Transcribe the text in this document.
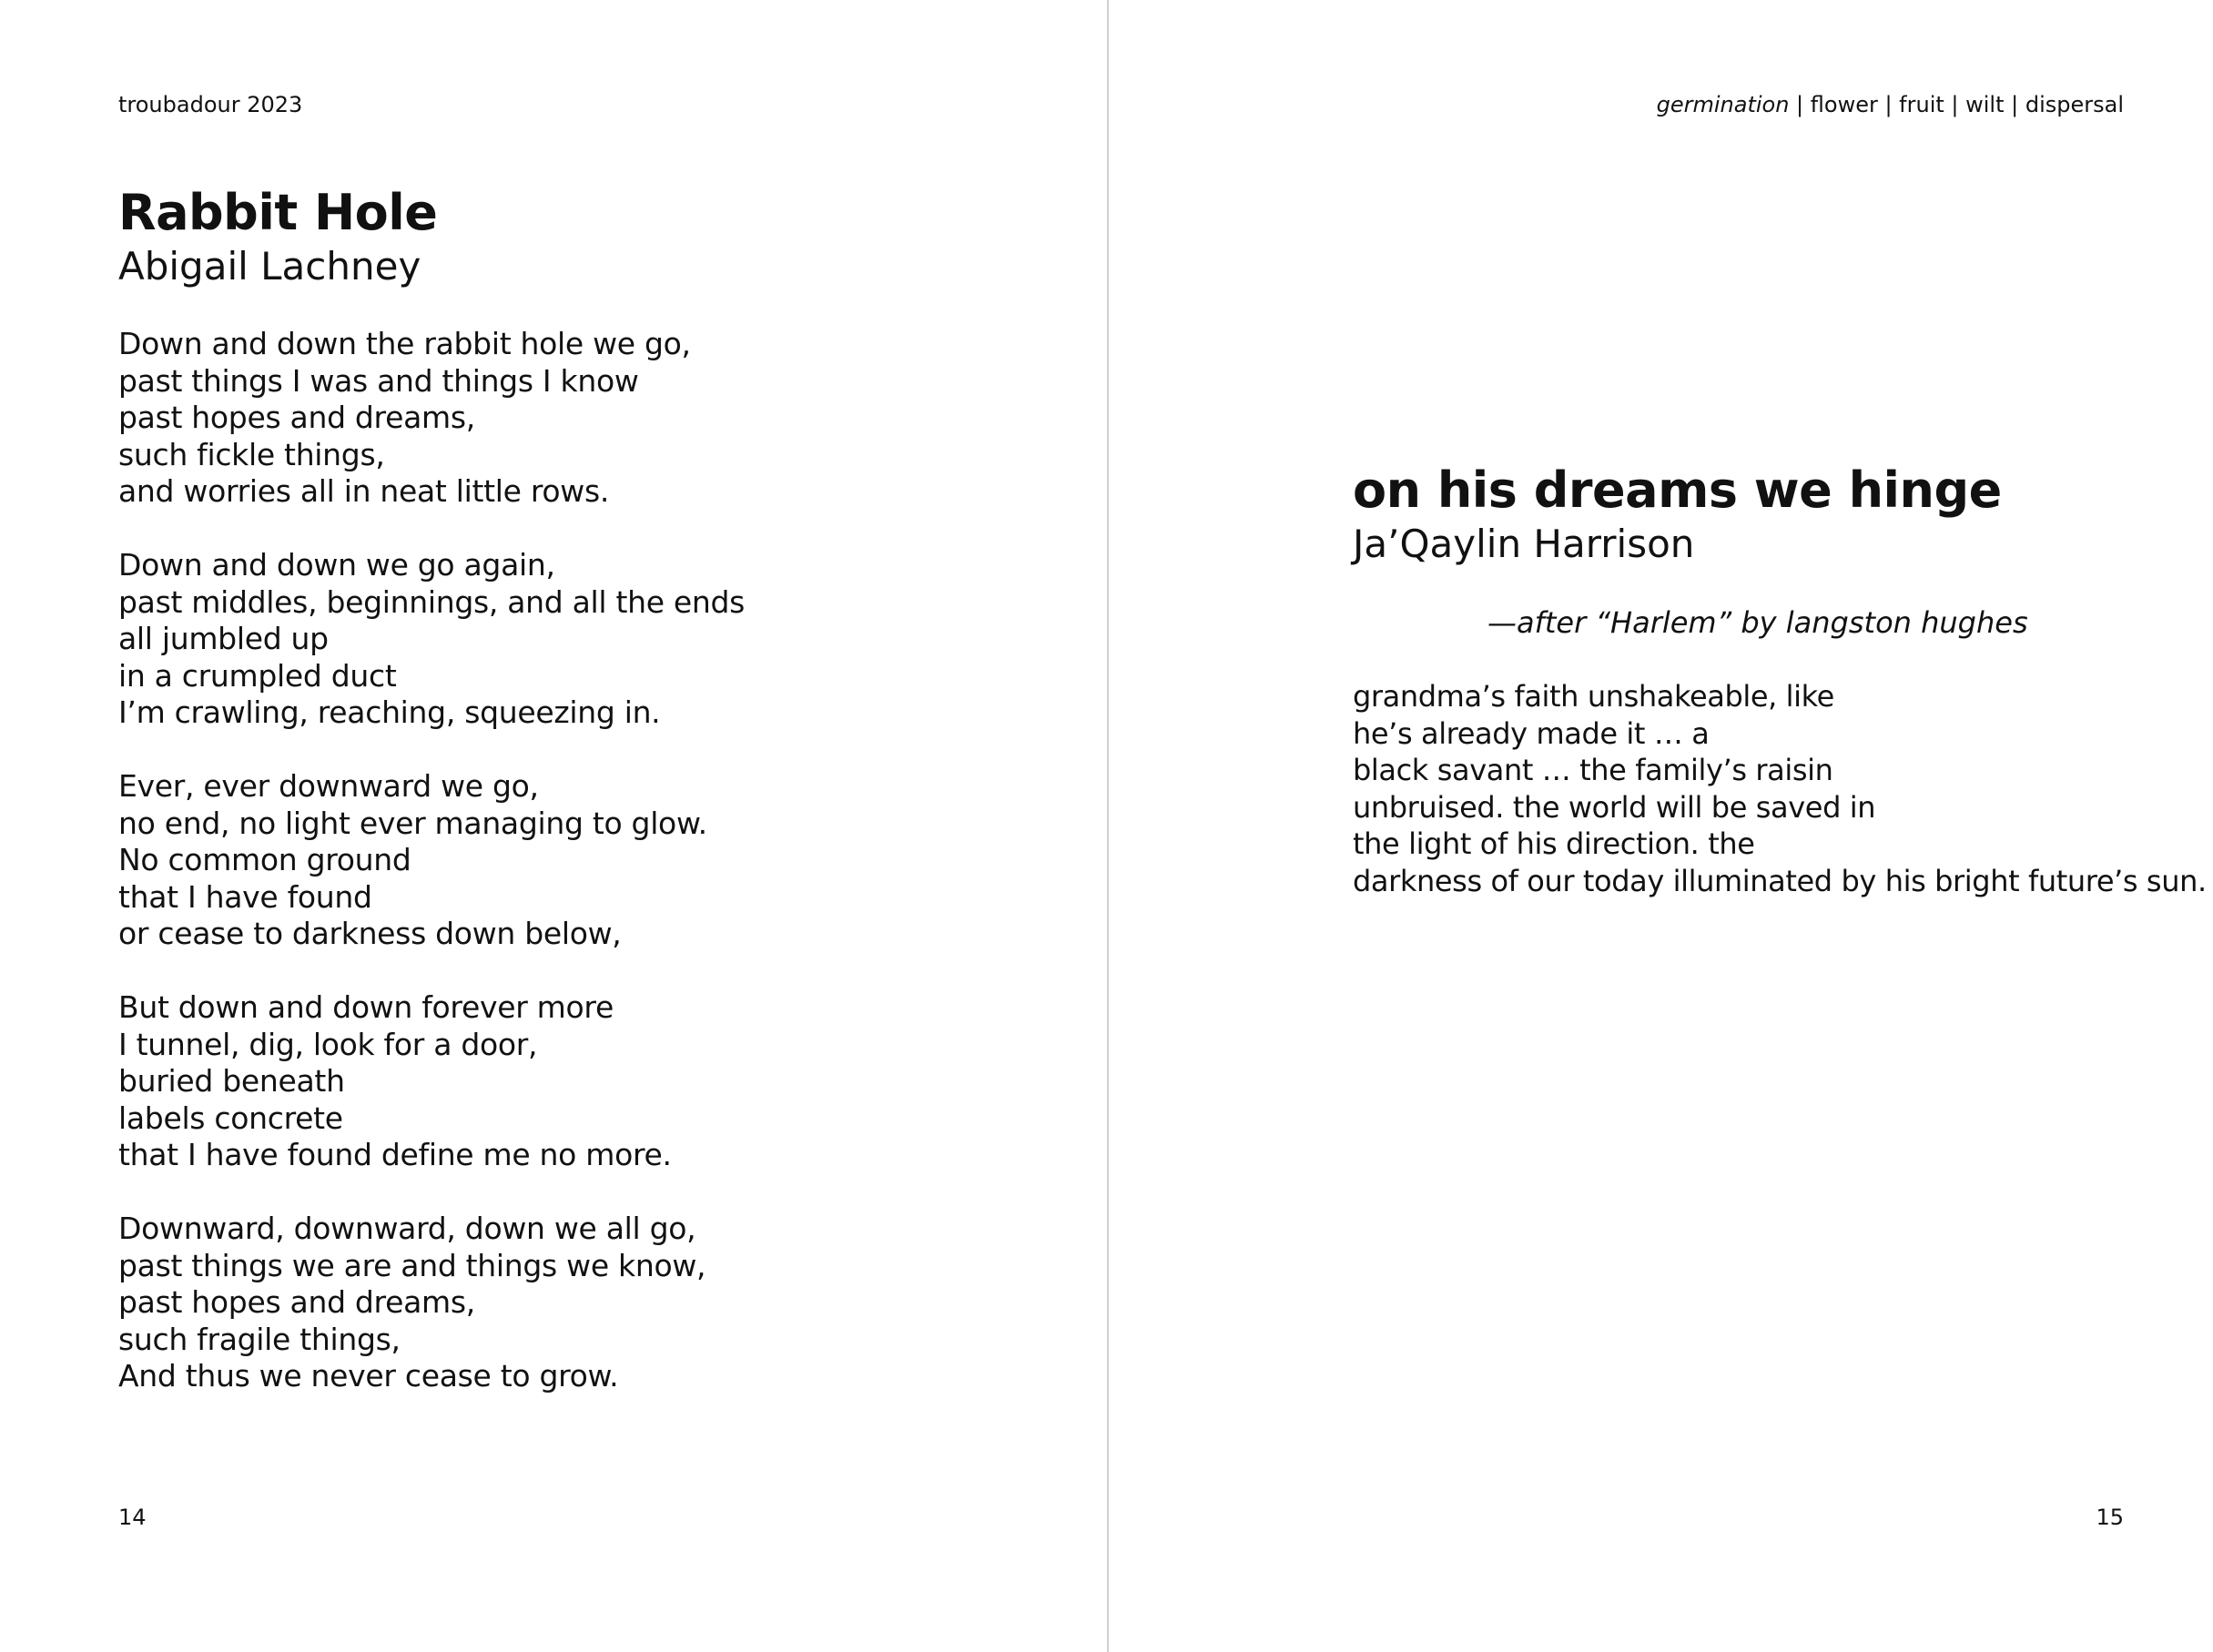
troubadour 2023

Rabbit Hole
Abigail Lachney
Down and down the rabbit hole we go,
past things I was and things I know
past hopes and dreams,
such fickle things,
and worries all in neat little rows.
Down and down we go again,
past middles, beginnings, and all the ends
all jumbled up
in a crumpled duct
I’m crawling, reaching, squeezing in.
Ever, ever downward we go,
no end, no light ever managing to glow.
No common ground
that I have found
or cease to darkness down below,
But down and down forever more
I tunnel, dig, look for a door,
buried beneath
labels concrete
that I have found define me no more.
Downward, downward, down we all go,
past things we are and things we know,
past hopes and dreams,
such fragile things,
And thus we never cease to grow.

14

germination | flower | fruit | wilt | dispersal

on his dreams we hinge
Ja’Qaylin Harrison

—after “Harlem” by langston hughes

grandma’s faith unshakeable, like
he’s already made it … a
black savant … the family’s raisin
unbruised. the world will be saved in
the light of his direction. the
darkness of our today illuminated by his bright future’s sun.

15
